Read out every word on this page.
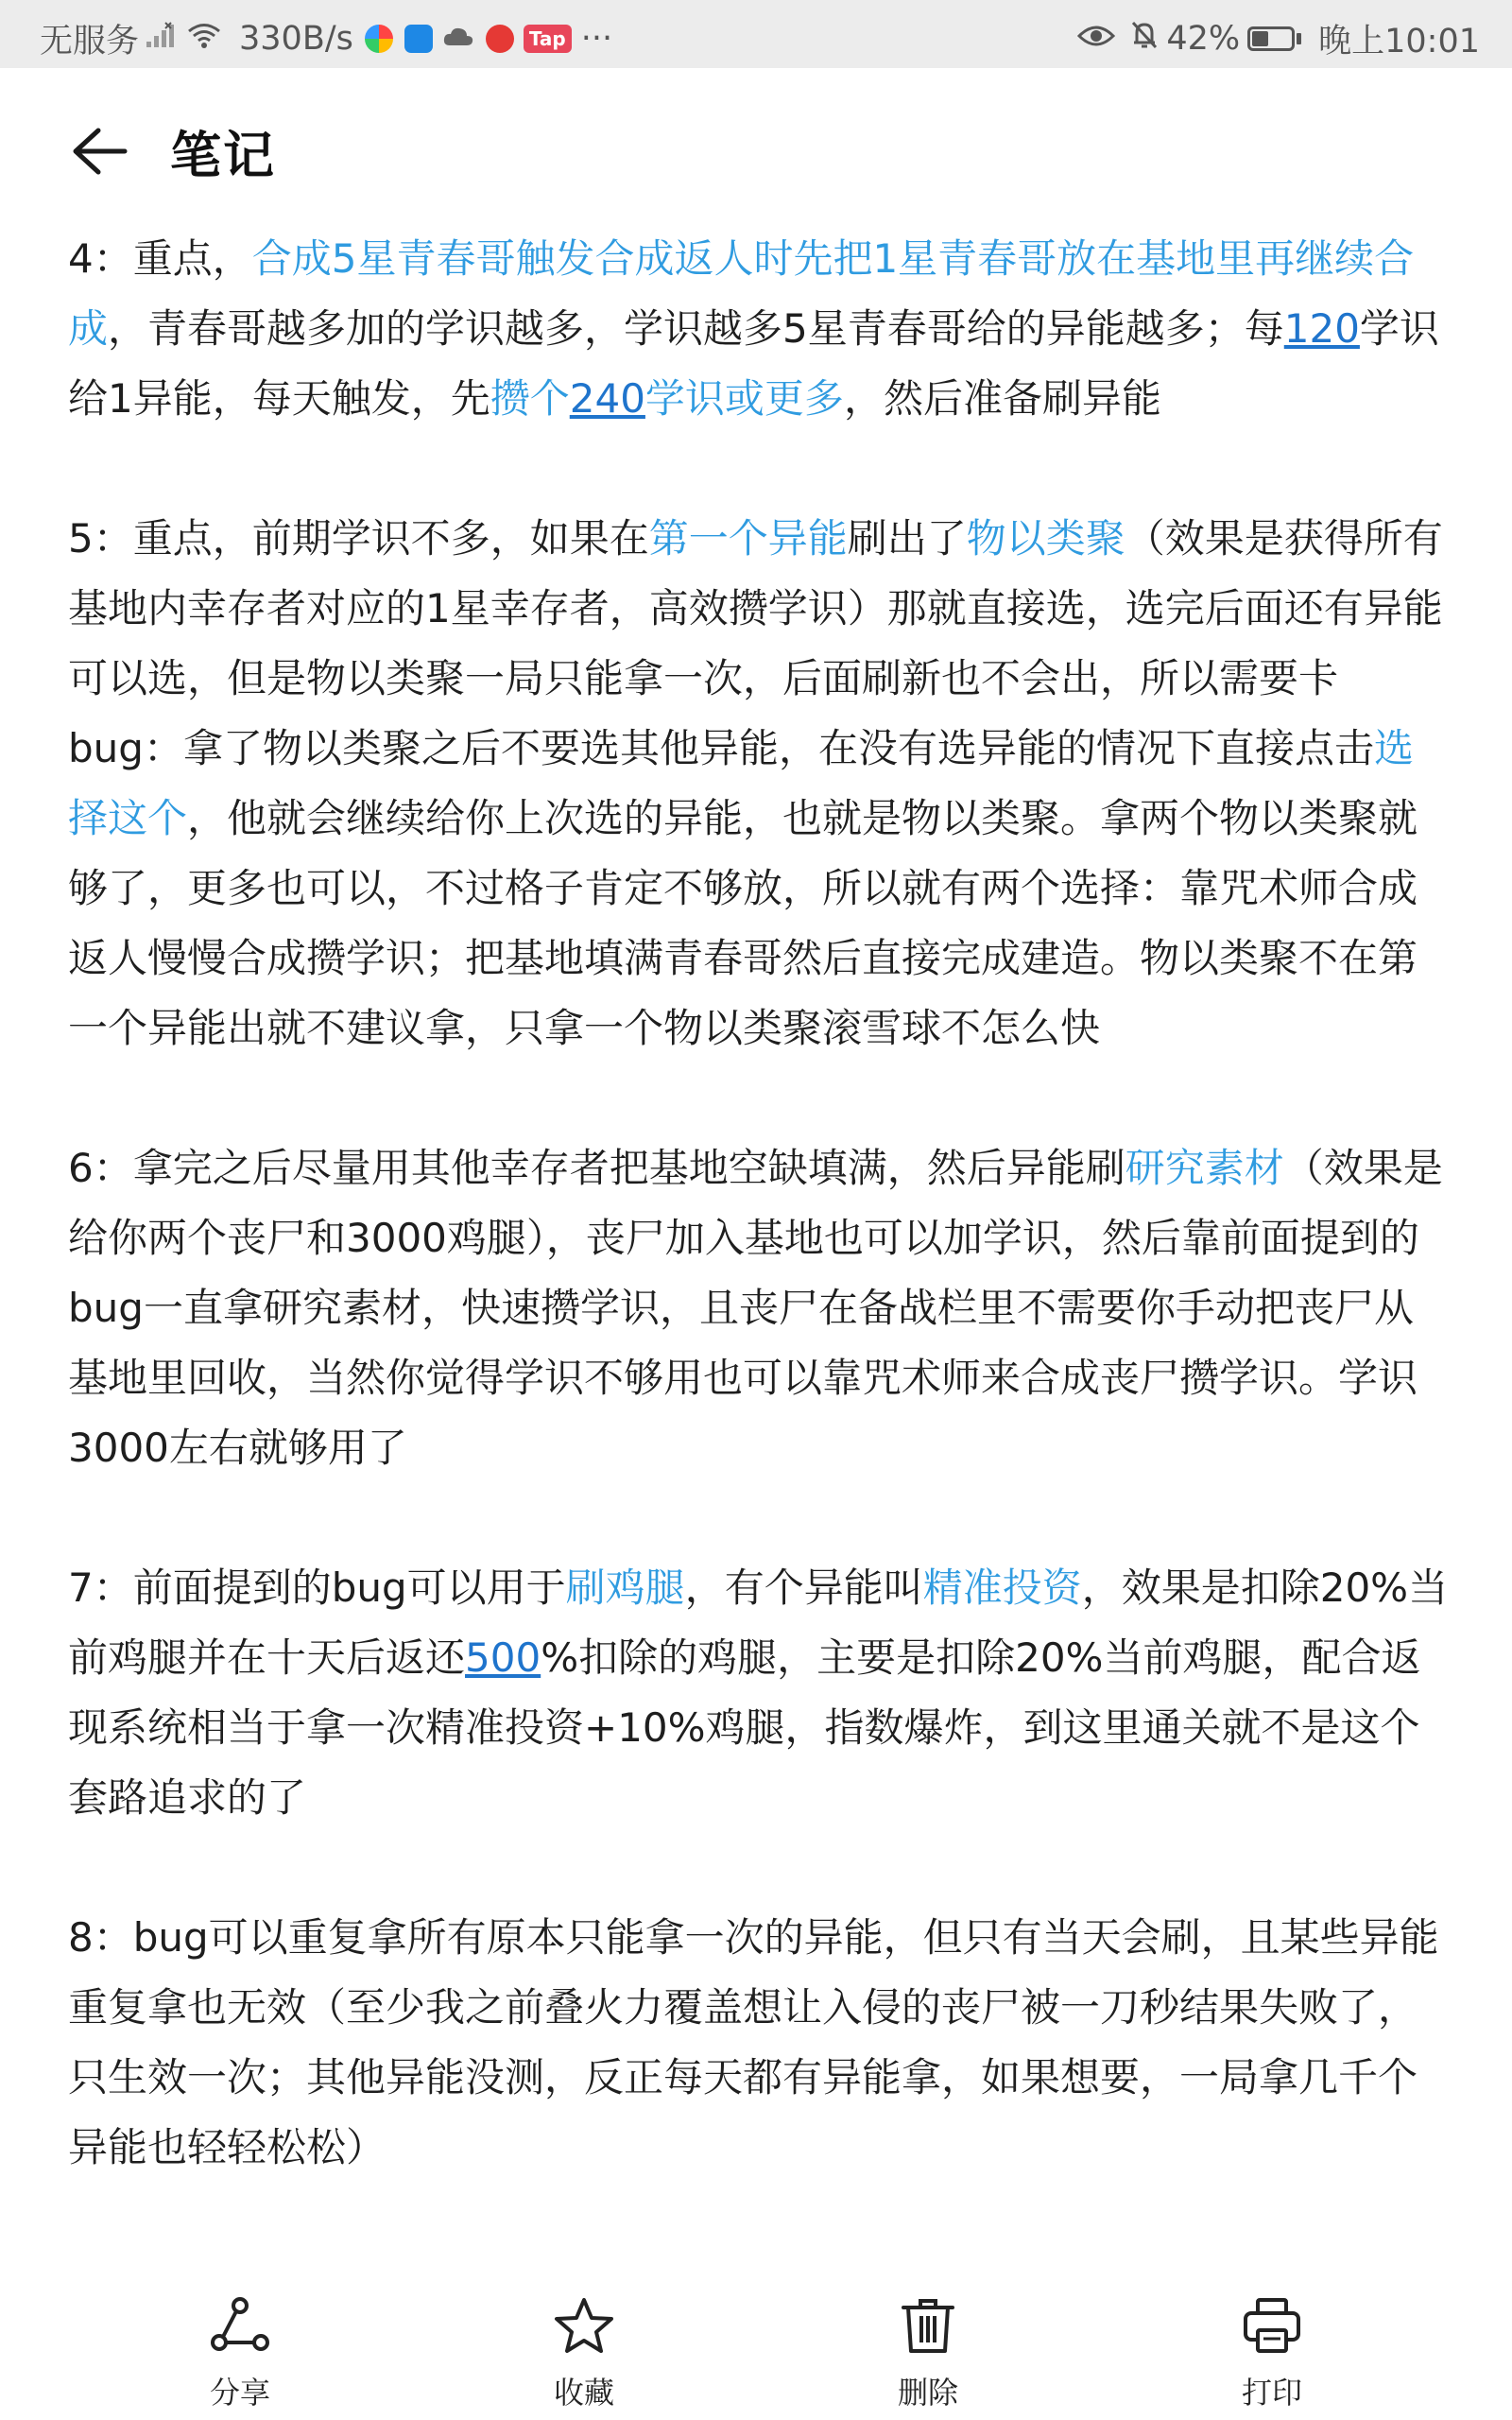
无服务	330B/s	Tap ···	42% 晚上10:01
笔记

4：重点，合成5星青春哥触发合成返人时先把1星青春哥放在基地里再继续合成，青春哥越多加的学识越多，学识越多5星青春哥给的异能越多；每120学识给1异能，每天触发，先攒个240学识或更多，然后准备刷异能

5：重点，前期学识不多，如果在第一个异能刷出了物以类聚（效果是获得所有基地内幸存者对应的1星幸存者，高效攒学识）那就直接选，选完后面还有异能可以选，但是物以类聚一局只能拿一次，后面刷新也不会出，所以需要卡bug：拿了物以类聚之后不要选其他异能，在没有选异能的情况下直接点击选择这个，他就会继续给你上次选的异能，也就是物以类聚。拿两个物以类聚就够了，更多也可以，不过格子肯定不够放，所以就有两个选择：靠咒术师合成返人慢慢合成攒学识；把基地填满青春哥然后直接完成建造。物以类聚不在第一个异能出就不建议拿，只拿一个物以类聚滚雪球不怎么快

6：拿完之后尽量用其他幸存者把基地空缺填满，然后异能刷研究素材（效果是给你两个丧尸和3000鸡腿），丧尸加入基地也可以加学识，然后靠前面提到的bug一直拿研究素材，快速攒学识，且丧尸在备战栏里不需要你手动把丧尸从基地里回收，当然你觉得学识不够用也可以靠咒术师来合成丧尸攒学识。学识3000左右就够用了

7：前面提到的bug可以用于刷鸡腿，有个异能叫精准投资，效果是扣除20%当前鸡腿并在十天后返还500%扣除的鸡腿，主要是扣除20%当前鸡腿，配合返现系统相当于拿一次精准投资+10%鸡腿，指数爆炸，到这里通关就不是这个套路追求的了

8：bug可以重复拿所有原本只能拿一次的异能，但只有当天会刷，且某些异能重复拿也无效（至少我之前叠火力覆盖想让入侵的丧尸被一刀秒结果失败了，只生效一次；其他异能没测，反正每天都有异能拿，如果想要，一局拿几千个异能也轻轻松松）

分享	收藏	删除	打印
